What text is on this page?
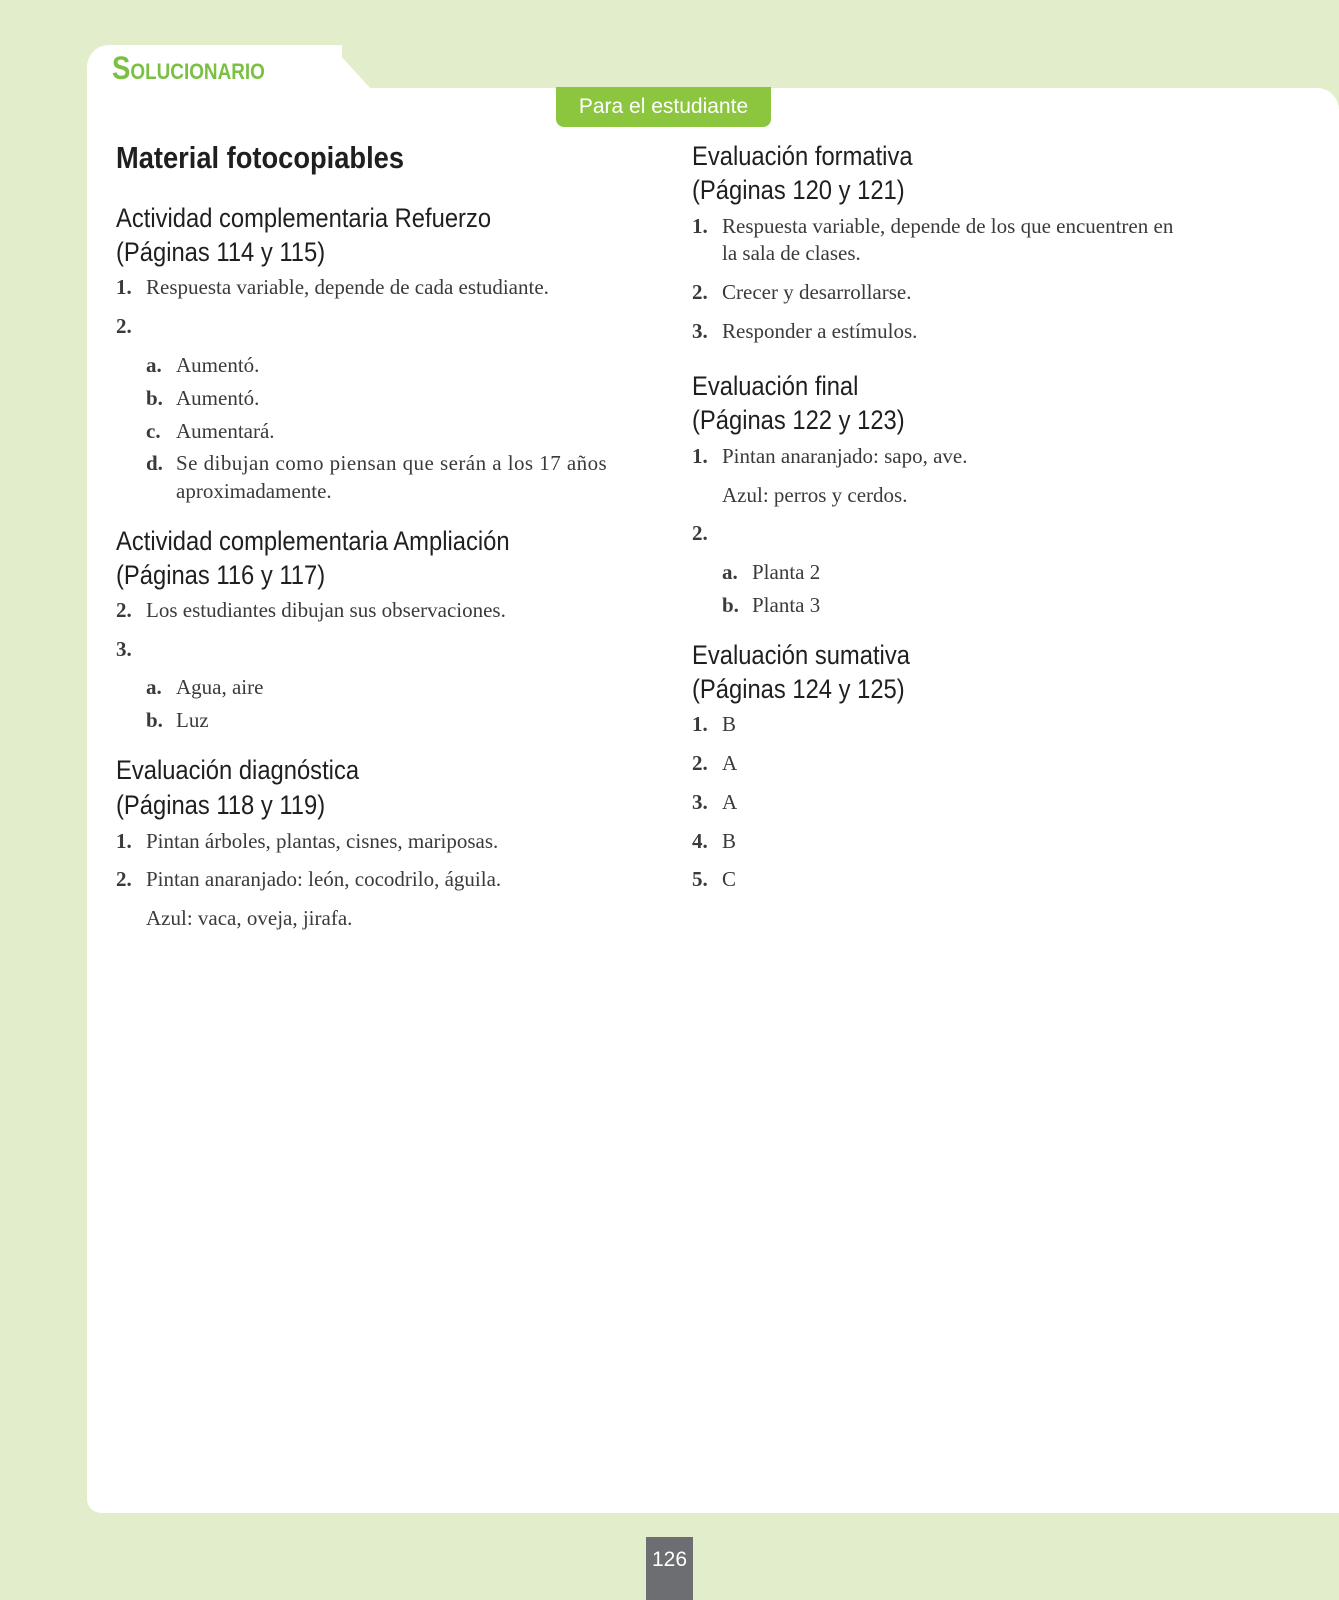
Solucionario
Para el estudiante
Material fotocopiables
Actividad complementaria Refuerzo
(Páginas 114 y 115)
1. Respuesta variable, depende de cada estudiante.
2.
a. Aumentó.
b. Aumentó.
c. Aumentará.
d. Se dibujan como piensan que serán a los 17 años
aproximadamente.
Actividad complementaria Ampliación
(Páginas 116 y 117)
2. Los estudiantes dibujan sus observaciones.
3.
a. Agua, aire
b. Luz
Evaluación diagnóstica
(Páginas 118 y 119)
1. Pintan árboles, plantas, cisnes, mariposas.
2. Pintan anaranjado: león, cocodrilo, águila.
Azul: vaca, oveja, jirafa.
Evaluación formativa
(Páginas 120 y 121)
1. Respuesta variable, depende de los que encuentren en
la sala de clases.
2. Crecer y desarrollarse.
3. Responder a estímulos.
Evaluación final
(Páginas 122 y 123)
1. Pintan anaranjado: sapo, ave.
Azul: perros y cerdos.
2.
a. Planta 2
b. Planta 3
Evaluación sumativa
(Páginas 124 y 125)
1. B
2. A
3. A
4. B
5. C
126
